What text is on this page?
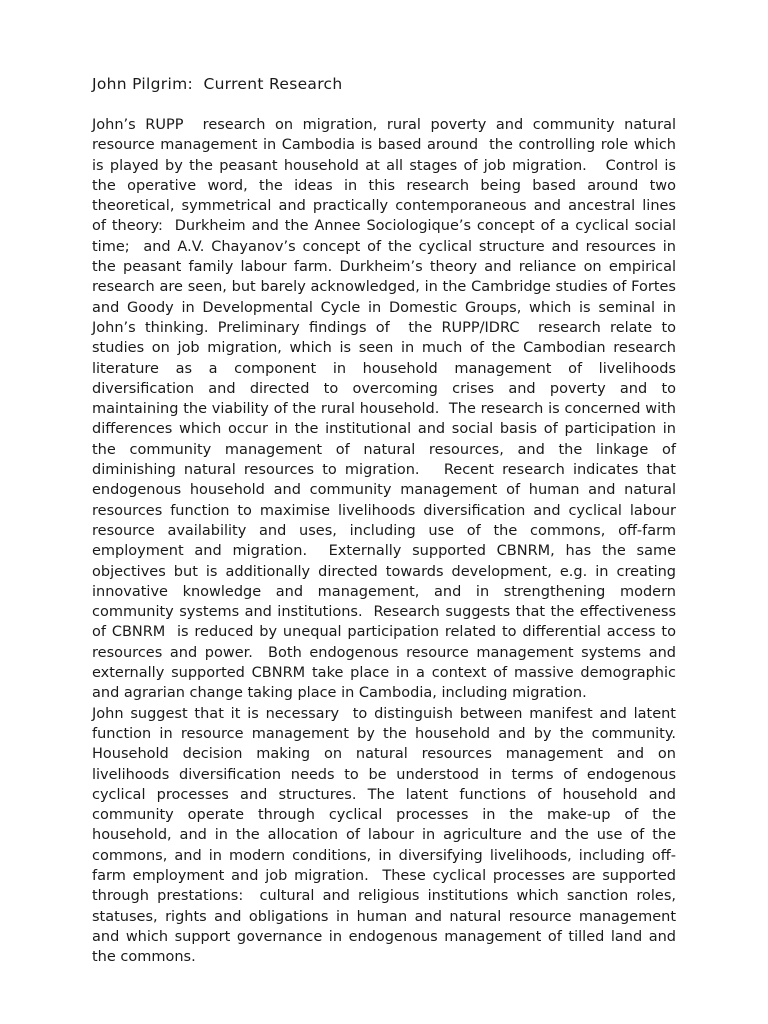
John Pilgrim:  Current Research

John’s RUPP  research on migration, rural poverty and community natural resource management in Cambodia is based around  the controlling role which is played by the peasant household at all stages of job migration.   Control is the operative word, the ideas in this research being based around two theoretical, symmetrical and practically contemporaneous and ancestral lines of theory:  Durkheim and the Annee Sociologique’s concept of a cyclical social time;  and A.V. Chayanov’s concept of the cyclical structure and resources in the peasant family labour farm. Durkheim’s theory and reliance on empirical research are seen, but barely acknowledged, in the Cambridge studies of Fortes and Goody in Developmental Cycle in Domestic Groups, which is seminal in John’s thinking. Preliminary findings of  the RUPP/IDRC  research relate to studies on job migration, which is seen in much of the Cambodian research literature as a component in household management of livelihoods diversification and directed to overcoming crises and poverty and to maintaining the viability of the rural household.  The research is concerned with differences which occur in the institutional and social basis of participation in the community management of natural resources, and the linkage of diminishing natural resources to migration.   Recent research indicates that endogenous household and community management of human and natural resources function to maximise livelihoods diversification and cyclical labour resource availability and uses, including use of the commons, off-farm employment and migration.  Externally supported CBNRM, has the same objectives but is additionally directed towards development, e.g. in creating innovative knowledge and management, and in strengthening modern community systems and institutions.  Research suggests that the effectiveness of CBNRM  is reduced by unequal participation related to differential access to resources and power.  Both endogenous resource management systems and externally supported CBNRM take place in a context of massive demographic and agrarian change taking place in Cambodia, including migration.

John suggest that it is necessary  to distinguish between manifest and latent function in resource management by the household and by the community. Household decision making on natural resources management and on livelihoods diversification needs to be understood in terms of endogenous cyclical processes and structures. The latent functions of household and community operate through cyclical processes in the make-up of the household, and in the allocation of labour in agriculture and the use of the commons, and in modern conditions, in diversifying livelihoods, including off-farm employment and job migration.  These cyclical processes are supported through prestations:  cultural and religious institutions which sanction roles, statuses, rights and obligations in human and natural resource management and which support governance in endogenous management of tilled land and the commons.
